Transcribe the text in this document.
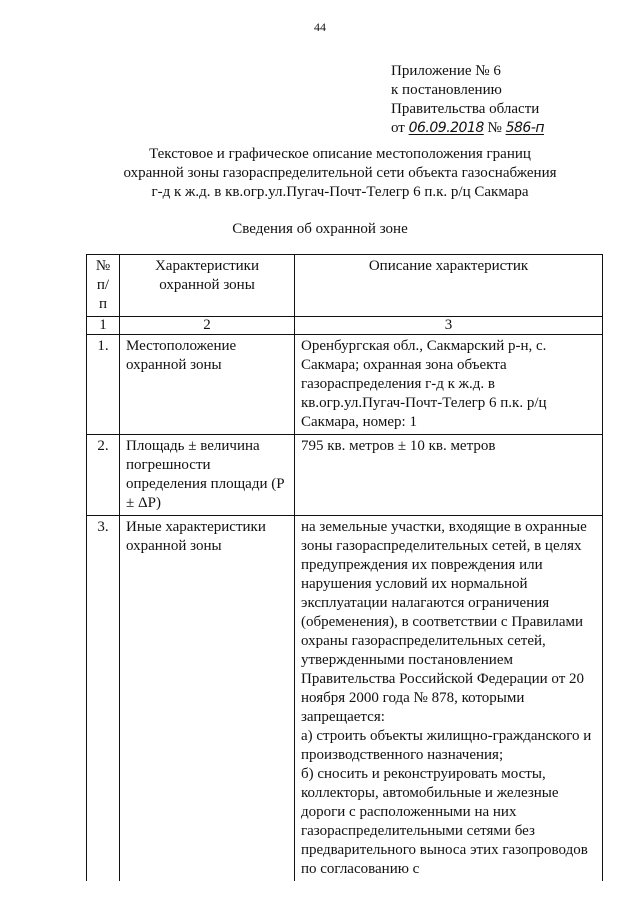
44
Приложение № 6
к постановлению
Правительства области
от 06.09.2018 № 586-п
Текстовое и графическое описание местоположения границ
охранной зоны газораспределительной сети объекта газоснабжения
г-д к ж.д. в кв.огр.ул.Пугач-Почт-Телегр 6 п.к. р/ц Сакмара
Сведения об охранной зоне
№ п/п	Характеристики охранной зоны	Описание характеристик
1	2	3
1.	Местоположение охранной зоны	Оренбургская обл., Сакмарский р-н, с. Сакмара; охранная зона объекта газораспределения г-д к ж.д. в кв.огр.ул.Пугач-Почт-Телегр 6 п.к. р/ц Сакмара, номер: 1
2.	Площадь ± величина погрешности определения площади (P ± ΔP)	795 кв. метров ± 10 кв. метров
3.	Иные характеристики охранной зоны	на земельные участки, входящие в охранные зоны газораспределительных сетей, в целях предупреждения их повреждения или нарушения условий их нормальной эксплуатации налагаются ограничения (обременения), в соответствии с Правилами охраны газораспределительных сетей, утвержденными постановлением Правительства Российской Федерации от 20 ноября 2000 года № 878, которыми запрещается:
а) строить объекты жилищно-гражданского и производственного назначения;
б) сносить и реконструировать мосты, коллекторы, автомобильные и железные дороги с расположенными на них газораспределительными сетями без предварительного выноса этих газопроводов по согласованию с
